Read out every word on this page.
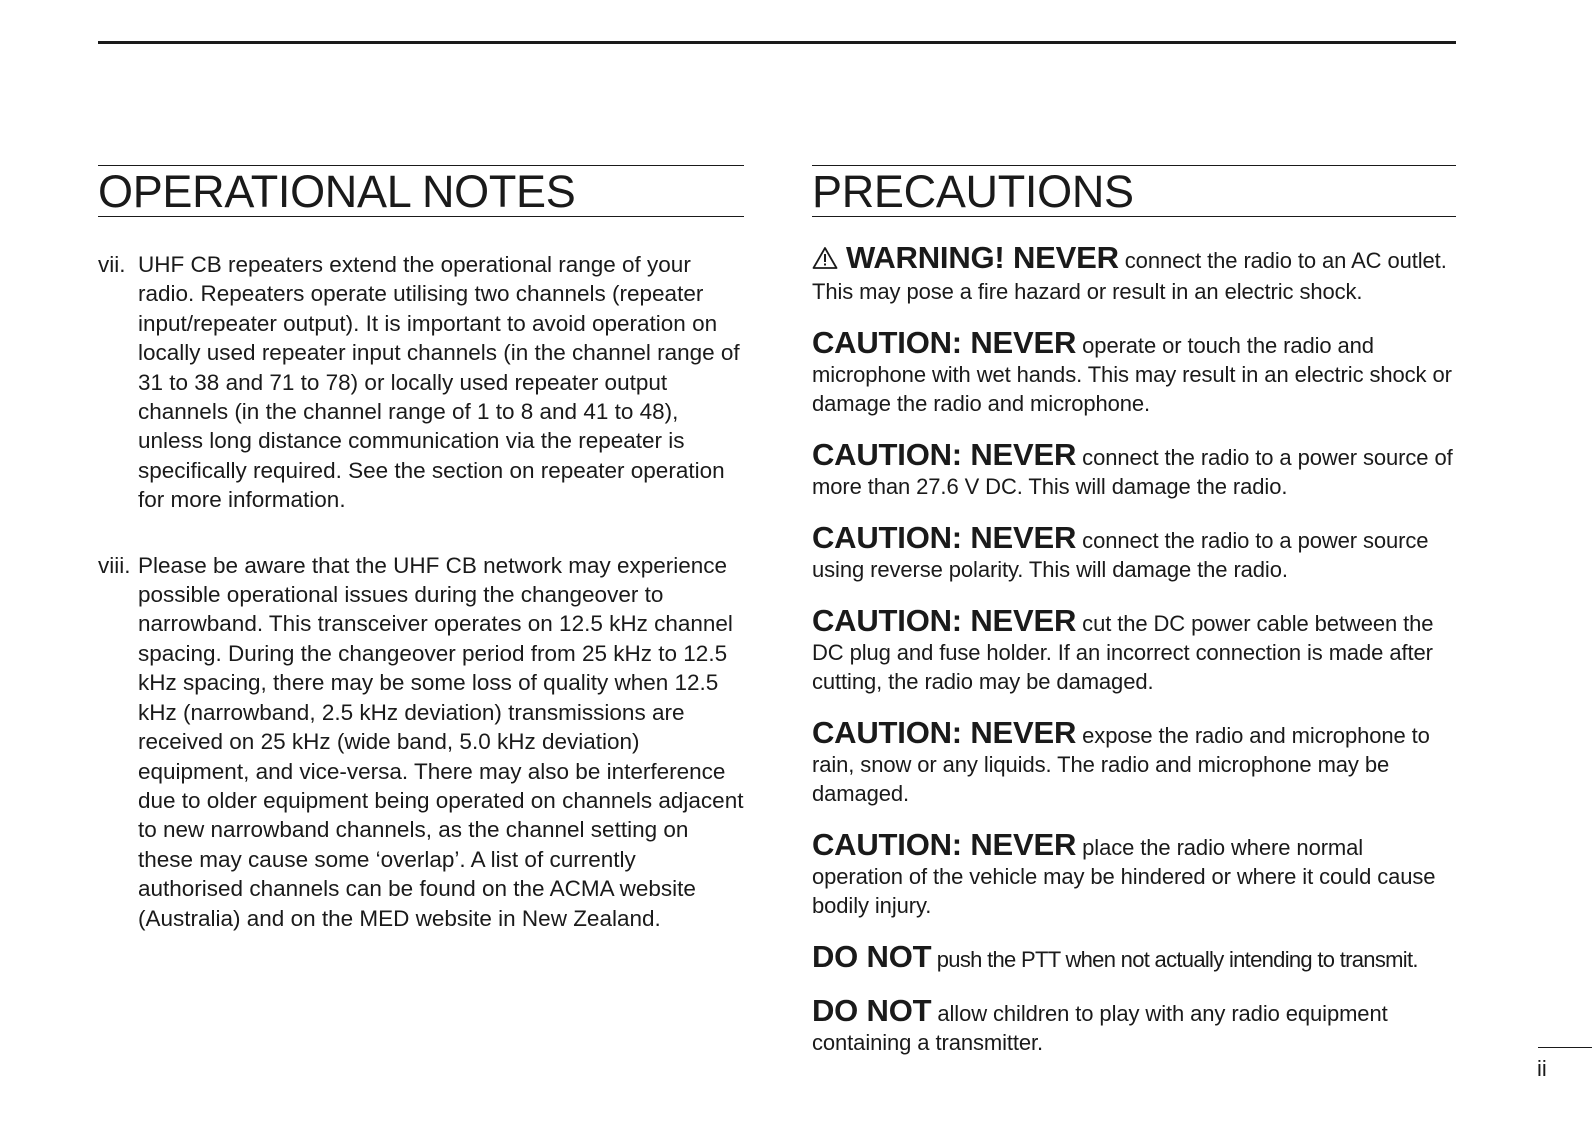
OPERATIONAL NOTES
vii. UHF CB repeaters extend the operational range of your radio. Repeaters operate utilising two channels (repeater input/repeater output). It is important to avoid operation on locally used repeater input channels (in the channel range of 31 to 38 and 71 to 78) or locally used repeater output channels (in the channel range of 1 to 8 and 41 to 48), unless long distance communication via the repeater is specifically required. See the section on repeater operation for more information.
viii. Please be aware that the UHF CB network may experience possible operational issues during the changeover to narrowband. This transceiver operates on 12.5 kHz channel spacing. During the changeover period from 25 kHz to 12.5 kHz spacing, there may be some loss of quality when 12.5 kHz (narrowband, 2.5 kHz deviation) transmissions are received on 25 kHz (wide band, 5.0 kHz deviation) equipment, and vice-versa. There may also be interference due to older equipment being operated on channels adjacent to new narrowband channels, as the channel setting on these may cause some ‘overlap’. A list of currently authorised channels can be found on the ACMA website (Australia) and on the MED website in New Zealand.
PRECAUTIONS

WARNING! NEVER connect the radio to an AC outlet. This may pose a fire hazard or result in an electric shock.

CAUTION: NEVER operate or touch the radio and microphone with wet hands. This may result in an electric shock or damage the radio and microphone.

CAUTION: NEVER connect the radio to a power source of more than 27.6 V DC. This will damage the radio.

CAUTION: NEVER connect the radio to a power source using reverse polarity. This will damage the radio.

CAUTION: NEVER cut the DC power cable between the DC plug and fuse holder. If an incorrect connection is made after cutting, the radio may be damaged.

CAUTION: NEVER expose the radio and microphone to rain, snow or any liquids. The radio and microphone may be damaged.

CAUTION: NEVER place the radio where normal operation of the vehicle may be hindered or where it could cause bodily injury.

DO NOT push the PTT when not actually intending to transmit.

DO NOT allow children to play with any radio equipment containing a transmitter.

ii
